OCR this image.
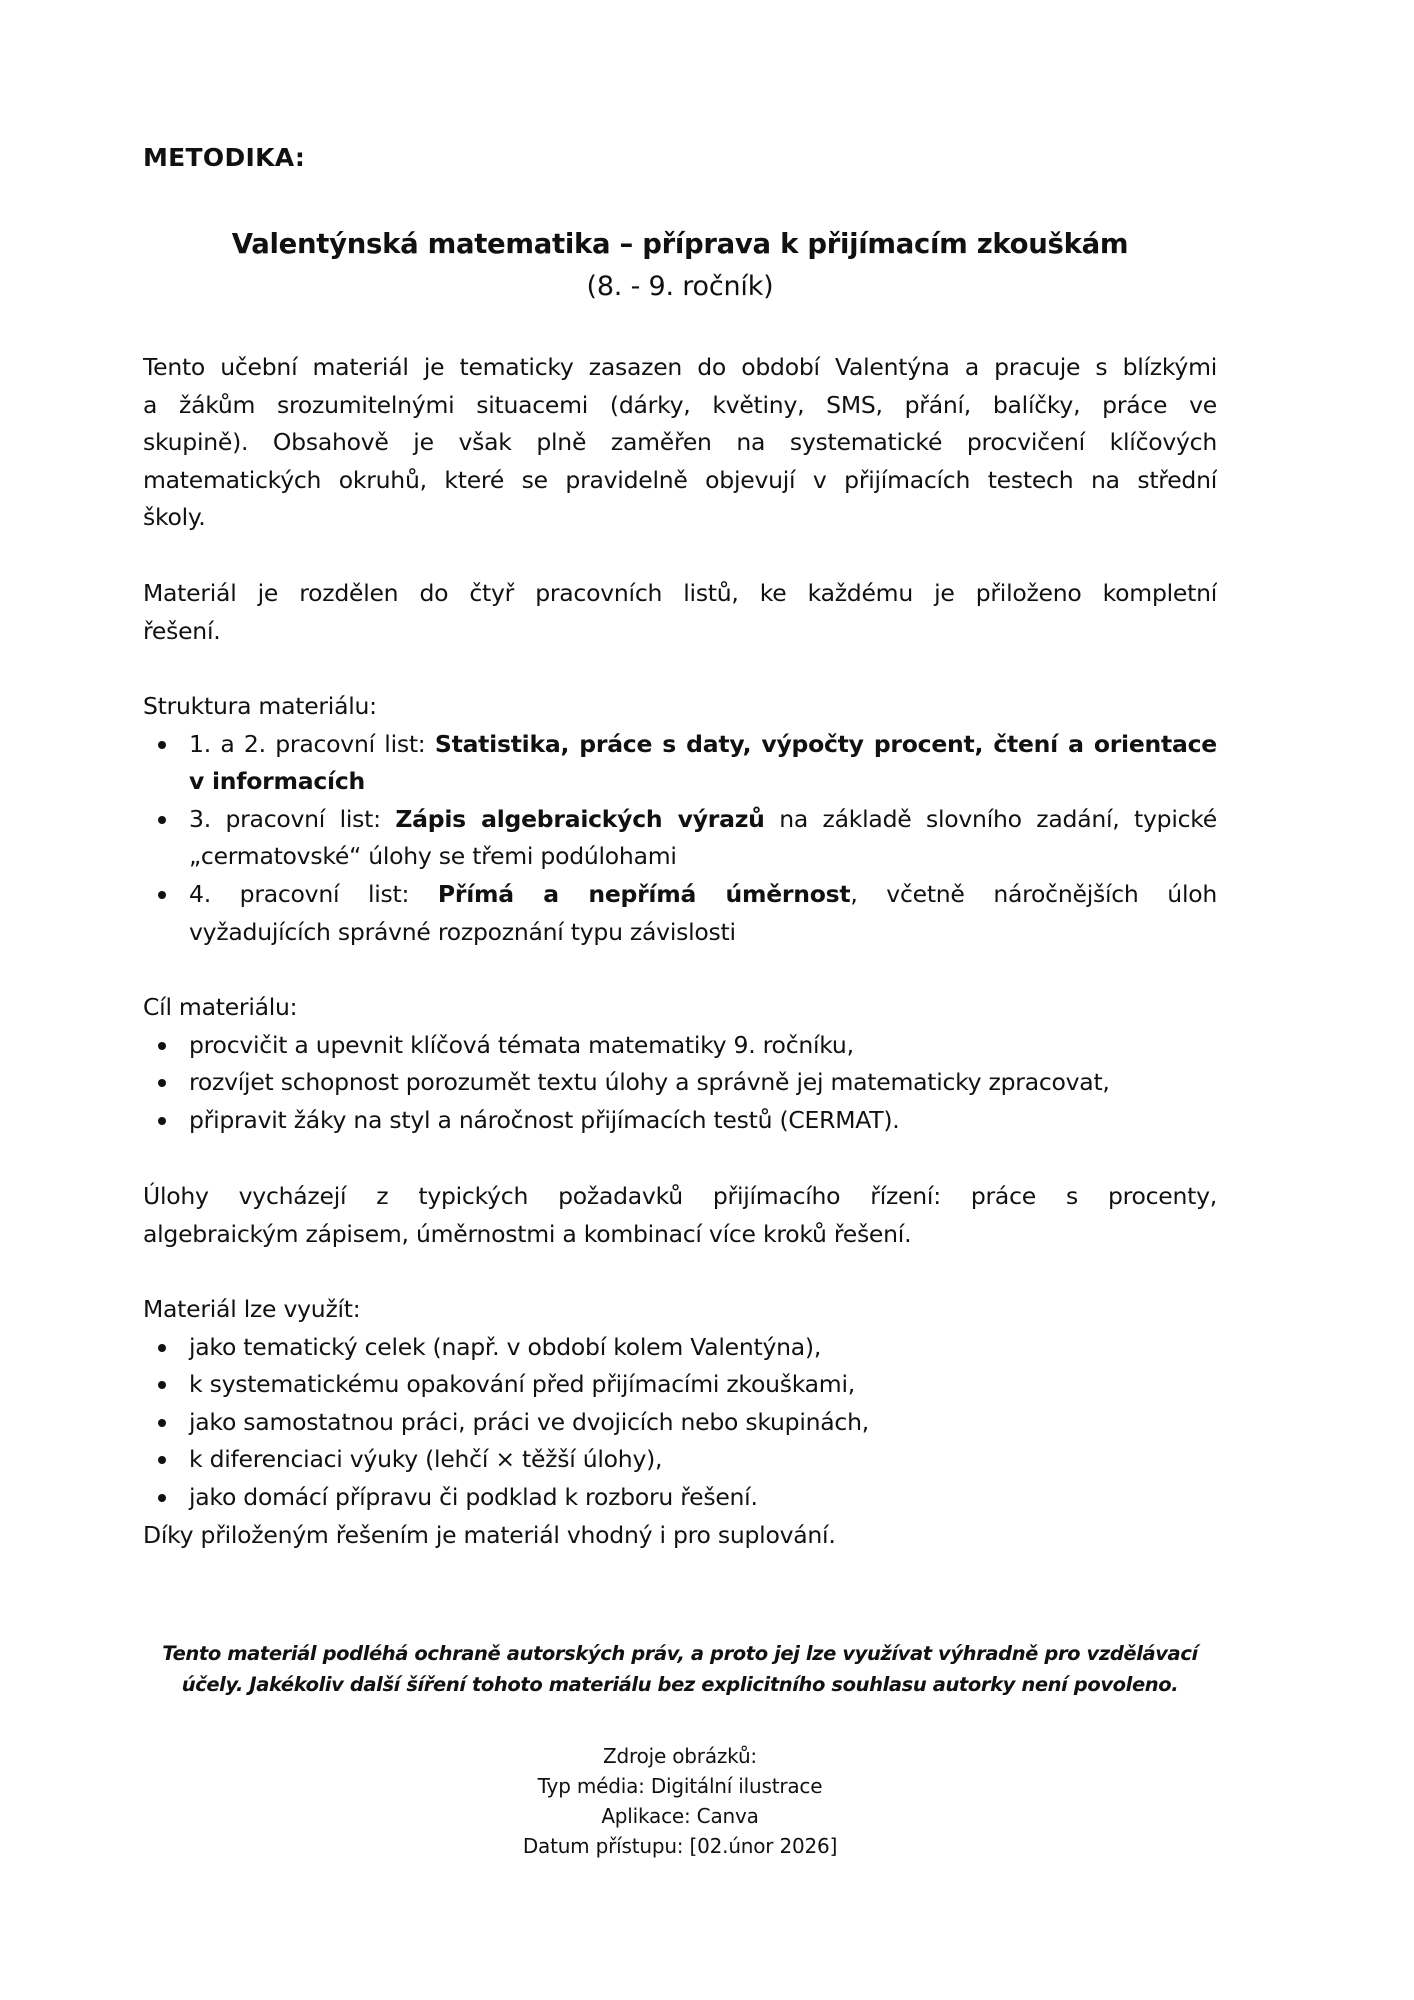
METODIKA:
Valentýnská matematika – příprava k přijímacím zkouškám
(8. - 9. ročník)
Tento učební materiál je tematicky zasazen do období Valentýna a pracuje s blízkými
a žákům srozumitelnými situacemi (dárky, květiny, SMS, přání, balíčky, práce ve
skupině). Obsahově je však plně zaměřen na systematické procvičení klíčových
matematických okruhů, které se pravidelně objevují v přijímacích testech na střední
školy.
Materiál je rozdělen do čtyř pracovních listů, ke každému je přiloženo kompletní
řešení.
Struktura materiálu:
1. a 2. pracovní list: Statistika, práce s daty, výpočty procent, čtení a orientace
v informacích
3. pracovní list: Zápis algebraických výrazů na základě slovního zadání, typické
„cermatovské“ úlohy se třemi podúlohami
4. pracovní list: Přímá a nepřímá úměrnost, včetně náročnějších úloh
vyžadujících správné rozpoznání typu závislosti
Cíl materiálu:
procvičit a upevnit klíčová témata matematiky 9. ročníku,
rozvíjet schopnost porozumět textu úlohy a správně jej matematicky zpracovat,
připravit žáky na styl a náročnost přijímacích testů (CERMAT).
Úlohy vycházejí z typických požadavků přijímacího řízení: práce s procenty,
algebraickým zápisem, úměrnostmi a kombinací více kroků řešení.
Materiál lze využít:
jako tematický celek (např. v období kolem Valentýna),
k systematickému opakování před přijímacími zkouškami,
jako samostatnou práci, práci ve dvojicích nebo skupinách,
k diferenciaci výuky (lehčí × těžší úlohy),
jako domácí přípravu či podklad k rozboru řešení.
Díky přiloženým řešením je materiál vhodný i pro suplování.
Tento materiál podléhá ochraně autorských práv, a proto jej lze využívat výhradně pro vzdělávací
účely. Jakékoliv další šíření tohoto materiálu bez explicitního souhlasu autorky není povoleno.
Zdroje obrázků:
Typ média: Digitální ilustrace
Aplikace: Canva
Datum přístupu: [02.únor 2026]
